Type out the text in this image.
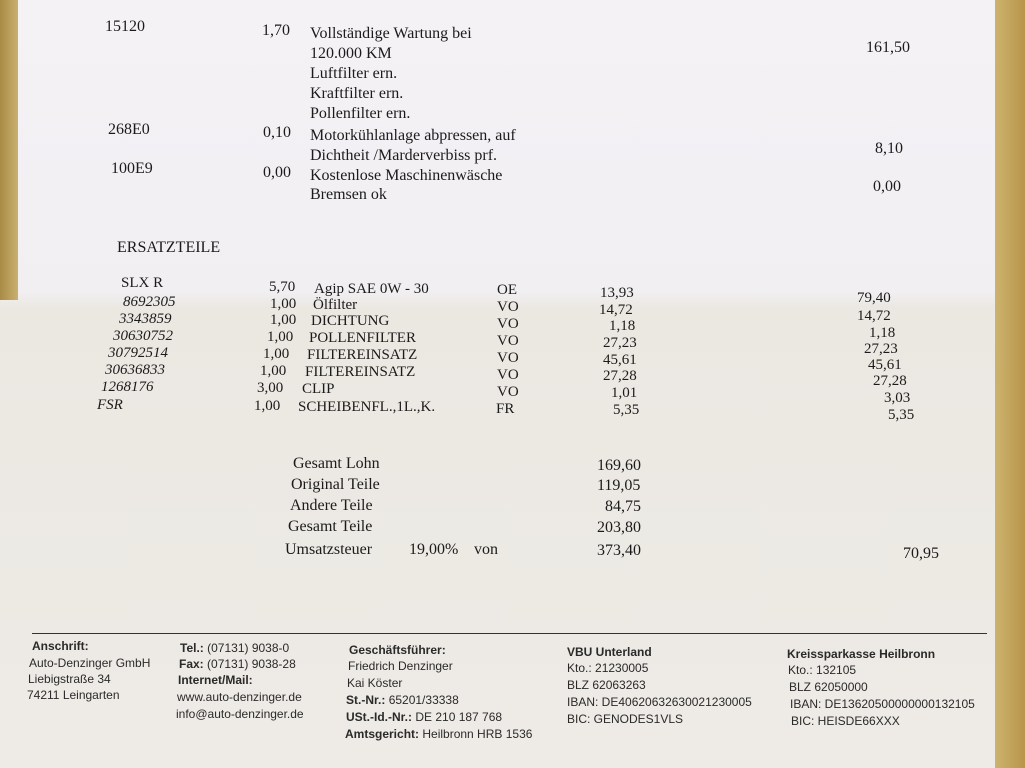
15120	1,70 Vollständige Wartung bei
120.000 KM
Luftfilter ern.
Kraftfilter ern.
Pollenfilter ern.
161,50
268E0	0,10 Motorkühlanlage abpressen, auf
Dichtheit /Marderverbiss prf.	8,10
100E9	0,00 Kostenlose Maschinenwäsche
Bremsen ok	0,00
ERSATZTEILE
SLX R	5,70 Agip SAE 0W - 30	OE	13,93	79,40
8692305	1,00 Ölfilter	VO	14,72	14,72
3343859	1,00 DICHTUNG	VO	1,18	1,18
30630752	1,00 POLLENFILTER	VO	27,23	27,23
30792514	1,00 FILTEREINSATZ	VO	45,61	45,61
30636833	1,00 FILTEREINSATZ	VO	27,28	27,28
1268176	3,00 CLIP	VO	1,01	3,03
FSR	1,00 SCHEIBENFL.,1L.,K.	FR	5,35	5,35
Gesamt Lohn	169,60
Original Teile	119,05
Andere Teile	84,75
Gesamt Teile	203,80
Umsatzsteuer 19,00% von	373,40	70,95
Anschrift:
Auto-Denzinger GmbH
Liebigstraße 34
74211 Leingarten
Tel.: (07131) 9038-0
Fax: (07131) 9038-28
Internet/Mail:
www.auto-denzinger.de
info@auto-denzinger.de
Geschäftsführer:
Friedrich Denzinger
Kai Köster
St.-Nr.: 65201/33338
USt.-Id.-Nr.: DE 210 187 768
Amtsgericht: Heilbronn HRB 1536
VBU Unterland
Kto.: 21230005
BLZ 62063263
IBAN: DE40620632630021230005
BIC: GENODES1VLS
Kreissparkasse Heilbronn
Kto.: 132105
BLZ 62050000
IBAN: DE13620500000000132105
BIC: HEISDE66XXX
